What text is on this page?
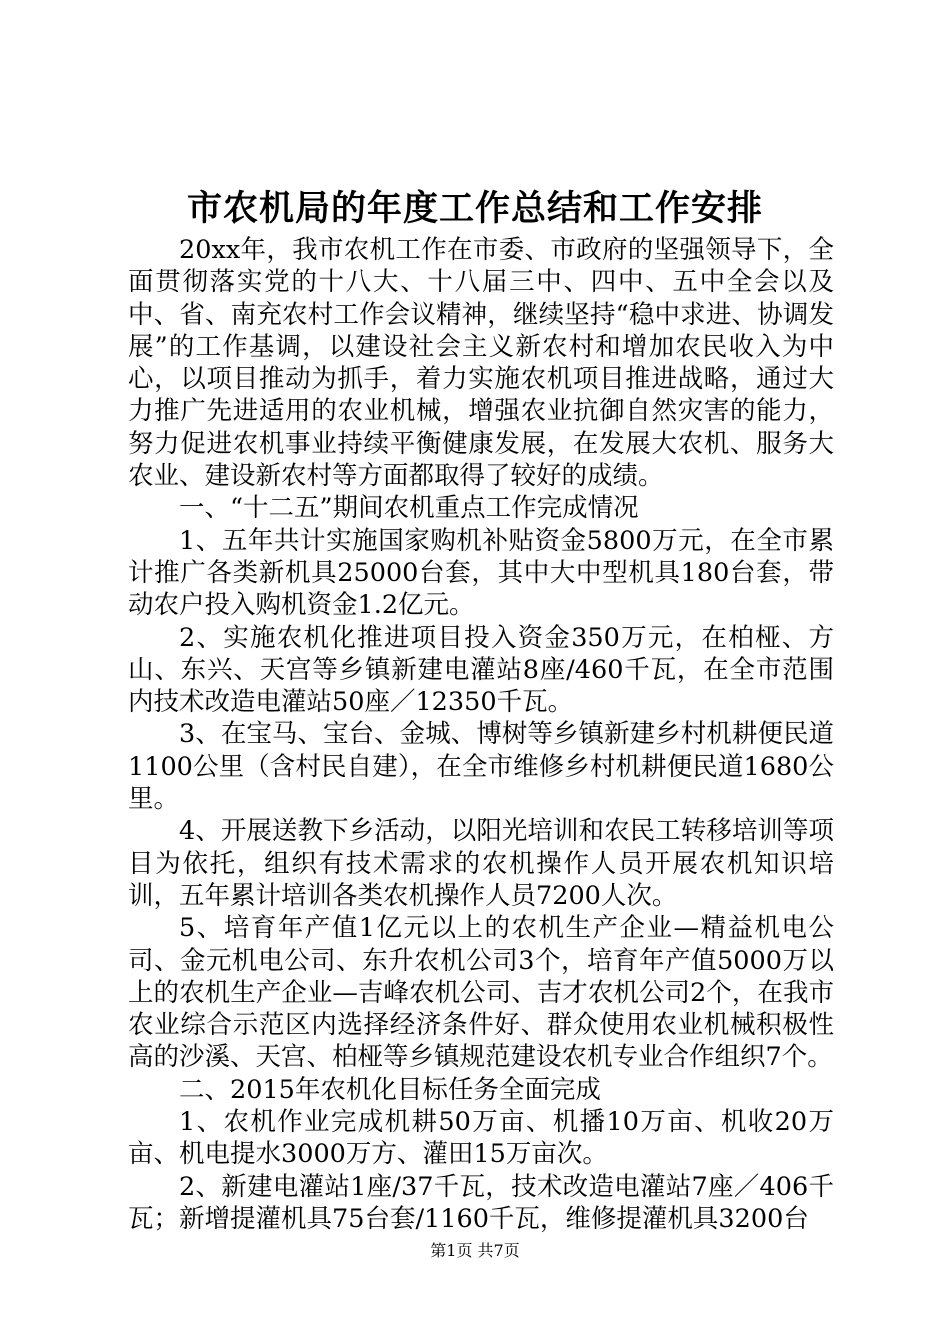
市农机局的年度工作总结和工作安排

20xx年，我市农机工作在市委、市政府的坚强领导下，全面贯彻落实党的十八大、十八届三中、四中、五中全会以及中、省、南充农村工作会议精神，继续坚持“稳中求进、协调发展”的工作基调，以建设社会主义新农村和增加农民收入为中心，以项目推动为抓手，着力实施农机项目推进战略，通过大力推广先进适用的农业机械，增强农业抗御自然灾害的能力，努力促进农机事业持续平衡健康发展，在发展大农机、服务大农业、建设新农村等方面都取得了较好的成绩。

一、“十二五”期间农机重点工作完成情况

1、五年共计实施国家购机补贴资金5800万元，在全市累计推广各类新机具25000台套，其中大中型机具180台套，带动农户投入购机资金1.2亿元。

2、实施农机化推进项目投入资金350万元，在柏桠、方山、东兴、天宫等乡镇新建电灌站8座/460千瓦，在全市范围内技术改造电灌站50座／12350千瓦。

3、在宝马、宝台、金城、博树等乡镇新建乡村机耕便民道1100公里（含村民自建），在全市维修乡村机耕便民道1680公里。

4、开展送教下乡活动，以阳光培训和农民工转移培训等项目为依托，组织有技术需求的农机操作人员开展农机知识培训，五年累计培训各类农机操作人员7200人次。

5、培育年产值1亿元以上的农机生产企业—精益机电公司、金元机电公司、东升农机公司3个，培育年产值5000万以上的农机生产企业—吉峰农机公司、吉才农机公司2个，在我市农业综合示范区内选择经济条件好、群众使用农业机械积极性高的沙溪、天宫、柏桠等乡镇规范建设农机专业合作组织7个。

二、2015年农机化目标任务全面完成

1、农机作业完成机耕50万亩、机播10万亩、机收20万亩、机电提水3000万方、灌田15万亩次。

2、新建电灌站1座/37千瓦，技术改造电灌站7座／406千瓦；新增提灌机具75台套/1160千瓦，维修提灌机具3200台

第1页 共7页
